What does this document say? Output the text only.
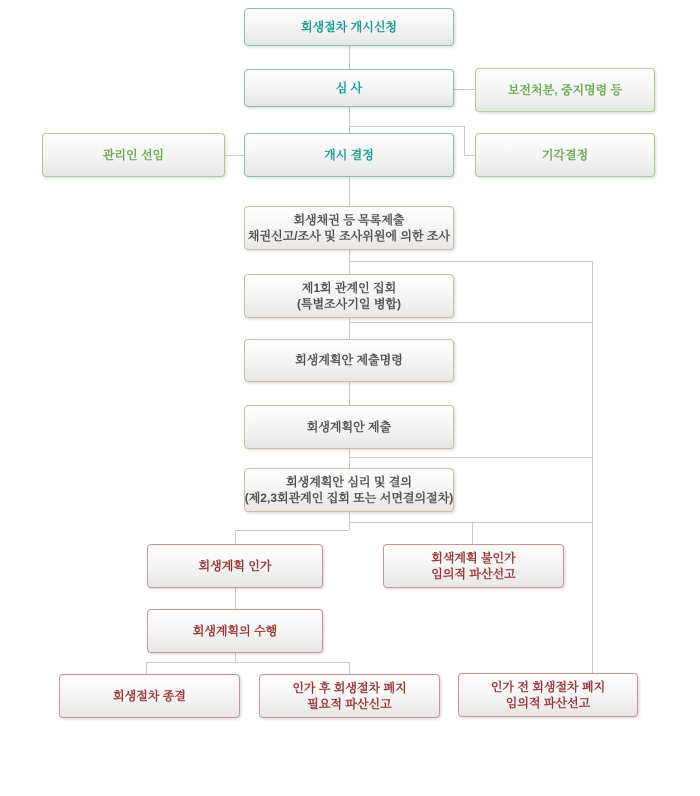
회생절차 개시신청
심 사	보전처분, 중지명령 등
관리인 선임	개시 결정	기각결정
회생채권 등 목록제출
채권신고/조사 및 조사위원에 의한 조사
제1회 관계인 집회
(특별조사기일 병합)
회생계획안 제출명령
회생계획안 제출
회생계획안 심리 및 결의
(제2,3회관계인 집회 또는 서면결의절차)
회생계획 인가
회색계획 불인가
임의적 파산선고
회생계획의 수행
회생절차 종결
인가 후 회생절차 폐지
필요적 파산신고
인가 전 회생절차 폐지
임의적 파산선고
